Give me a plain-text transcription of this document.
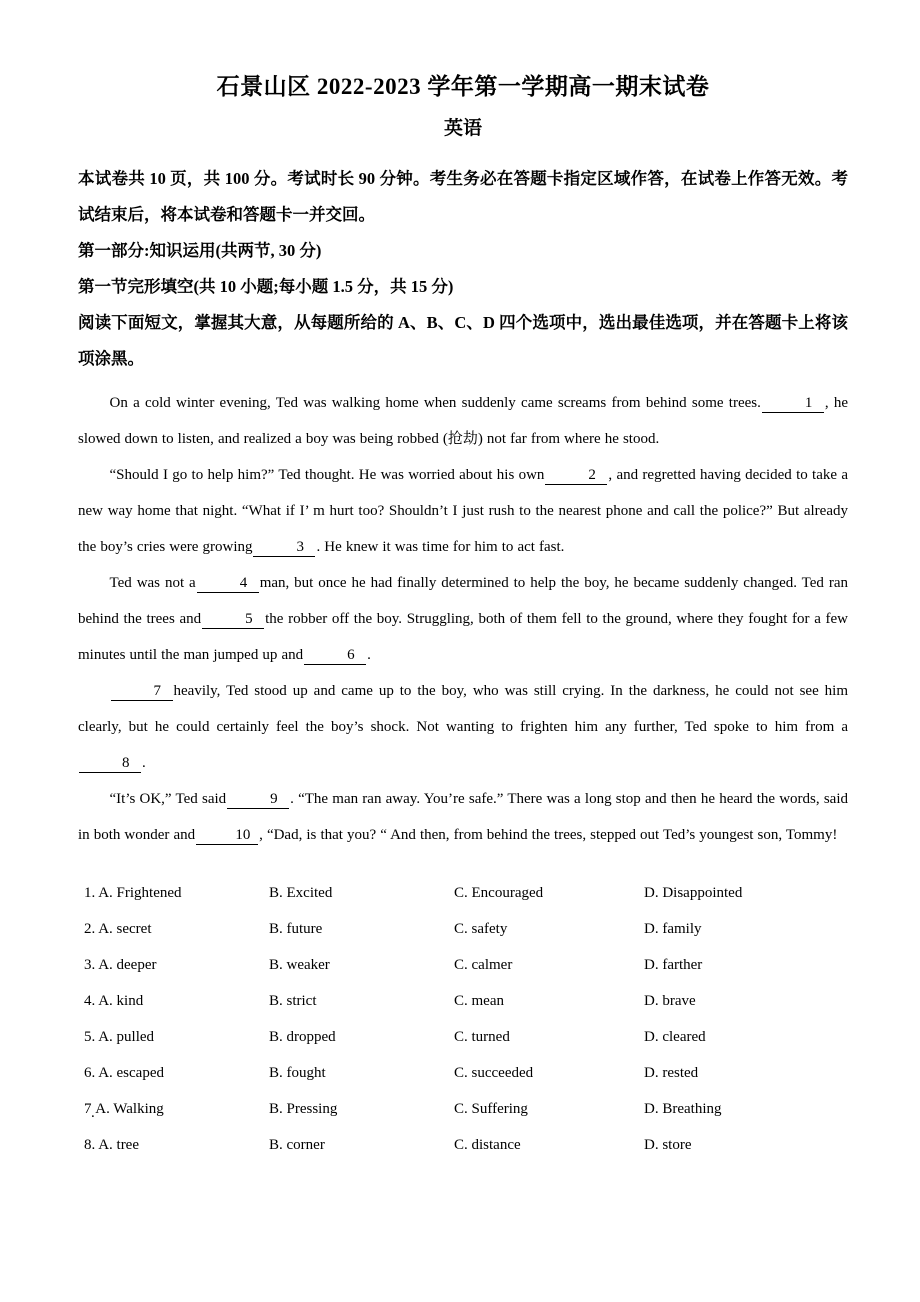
石景山区 2022-2023 学年第一学期高一期末试卷
英语

本试卷共 10 页，共 100 分。考试时长 90 分钟。考生务必在答题卡指定区域作答，在试卷上作答无效。考试结束后，将本试卷和答题卡一并交回。

第一部分:知识运用(共两节, 30 分)

第一节完形填空(共 10 小题;每小题 1.5 分，共 15 分)

阅读下面短文，掌握其大意，从每题所给的 A、B、C、D 四个选项中，选出最佳选项，并在答题卡上将该项涂黑。

On a cold winter evening, Ted was walking home when suddenly came screams from behind some trees.	1 , he slowed down to listen, and realized a boy was being robbed (抢劫) not far from where he stood.

“Should I go to help him?” Ted thought. He was worried about his own	2 , and regretted having decided to take a new way home that night. “What if I’ m hurt too? Shouldn’t I just rush to the nearest phone and call the police?” But already the boy’s cries were growing	3 . He knew it was time for him to act fast.

Ted was not a	4 man, but once he had finally determined to help the boy, he became suddenly changed. Ted ran behind the trees and	5 the robber off the boy. Struggling, both of them fell to the ground, where they fought for a few minutes until the man jumped up and	6 .

7 heavily, Ted stood up and came up to the boy, who was still crying. In the darkness, he could not see him clearly, but he could certainly feel the boy’s shock. Not wanting to frighten him any further, Ted spoke to him from a8 .

“It’s OK,” Ted said	9 . “The man ran away. You’re safe.” There was a long stop and then he heard the words, said in both wonder and	10 , “Dad, is that you? “ And then, from behind the trees, stepped out Ted’s youngest son, Tommy!

1. A. Frightened	B. Excited	C. Encouraged	D. Disappointed
2. A. secret	B. future	C. safety	D. family
3. A. deeper	B. weaker	C. calmer	D. farther
4. A. kind	B. strict	C. mean	D. brave
5. A. pulled	B. dropped	C. turned	D. cleared
6. A. escaped	B. fought	C. succeeded	D. rested
7 . A. Walking	B. Pressing	C. Suffering	D. Breathing
8. A. tree	B. corner	C. distance	D. store
